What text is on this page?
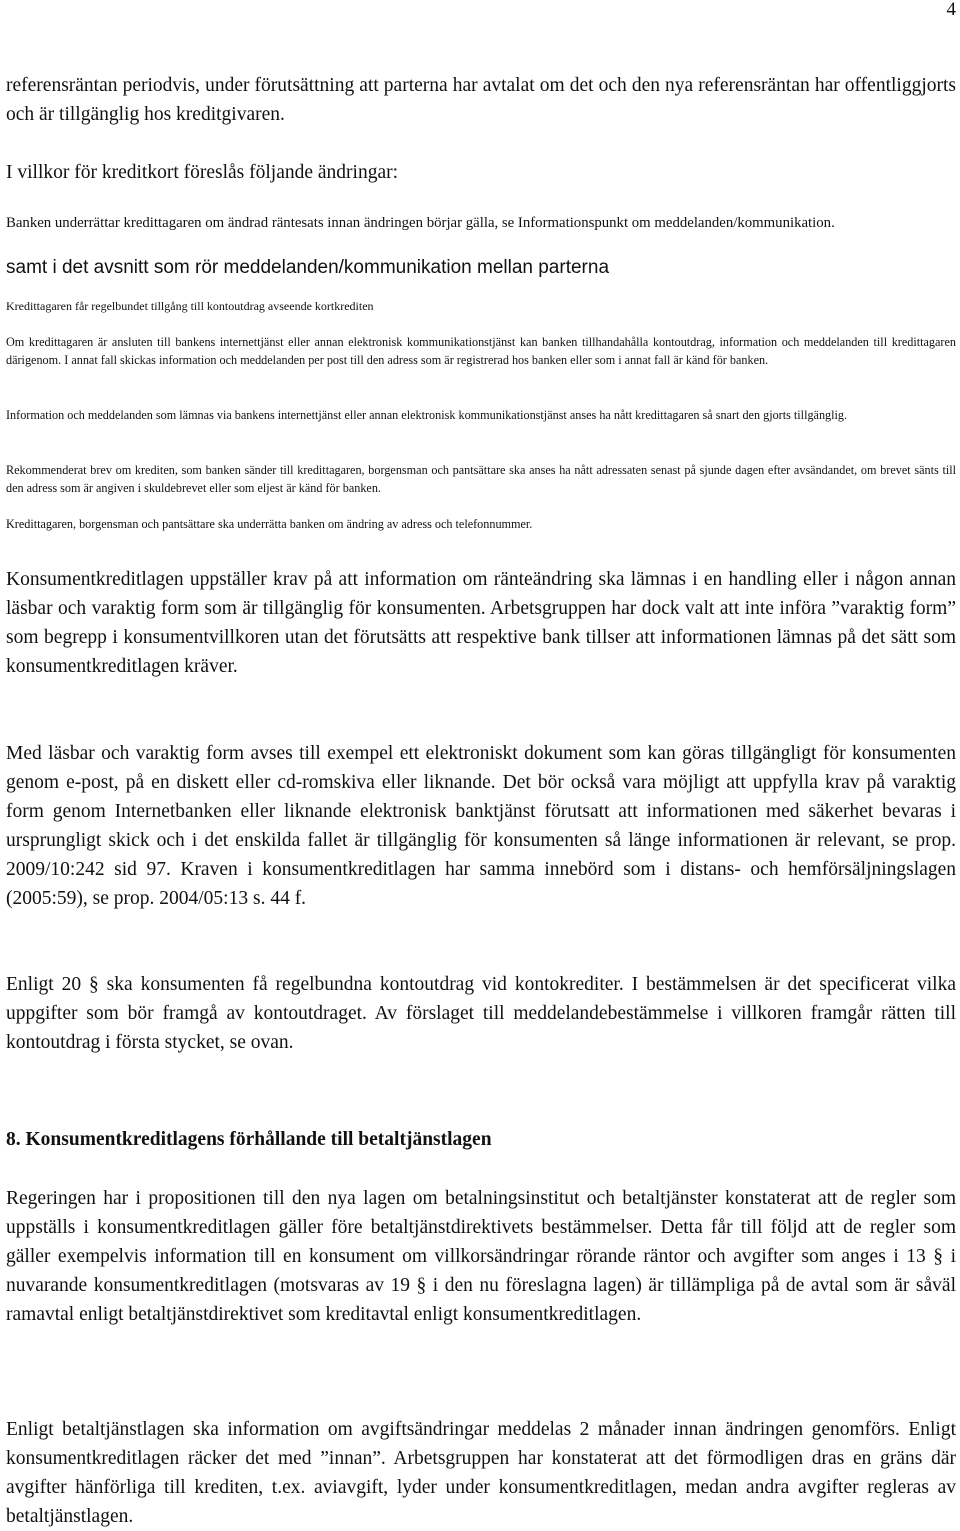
4

referensräntan periodvis, under förutsättning att parterna har avtalat om det och den nya referensräntan har offentliggjorts och är tillgänglig hos kreditgivaren.

I villkor för kreditkort föreslås följande ändringar:

Banken underrättar kredittagaren om ändrad räntesats innan ändringen börjar gälla, se Informationspunkt om meddelanden/kommunikation.

samt i det avsnitt som rör meddelanden/kommunikation mellan parterna

Kredittagaren får regelbundet tillgång till kontoutdrag avseende kortkrediten

Om kredittagaren är ansluten till bankens internettjänst eller annan elektronisk kommunikationstjänst kan banken tillhandahålla kontoutdrag, information och meddelanden till kredittagaren därigenom. I annat fall skickas information och meddelanden per post till den adress som är registrerad hos banken eller som i annat fall är känd för banken.

Information och meddelanden som lämnas via bankens internettjänst eller annan elektronisk kommunikationstjänst anses ha nått kredittagaren så snart den gjorts tillgänglig.

Rekommenderat brev om krediten, som banken sänder till kredittagaren, borgensman och pantsättare ska anses ha nått adressaten senast på sjunde dagen efter avsändandet, om brevet sänts till den adress som är angiven i skuldebrevet eller som eljest är känd för banken.

Kredittagaren, borgensman och pantsättare ska underrätta banken om ändring av adress och telefonnummer.

Konsumentkreditlagen uppställer krav på att information om ränteändring ska lämnas i en handling eller i någon annan läsbar och varaktig form som är tillgänglig för konsumenten. Arbetsgruppen har dock valt att inte införa ”varaktig form” som begrepp i konsumentvillkoren utan det förutsätts att respektive bank tillser att informationen lämnas på det sätt som konsumentkreditlagen kräver.

Med läsbar och varaktig form avses till exempel ett elektroniskt dokument som kan göras tillgängligt för konsumenten genom e-post, på en diskett eller cd-romskiva eller liknande. Det bör också vara möjligt att uppfylla krav på varaktig form genom Internetbanken eller liknande elektronisk banktjänst förutsatt att informationen med säkerhet bevaras i ursprungligt skick och i det enskilda fallet är tillgänglig för konsumenten så länge informationen är relevant, se prop. 2009/10:242 sid 97. Kraven i konsumentkreditlagen har samma innebörd som i distans- och hemförsäljningslagen (2005:59), se prop. 2004/05:13 s. 44 f.

Enligt 20 § ska konsumenten få regelbundna kontoutdrag vid kontokrediter. I bestämmelsen är det specificerat vilka uppgifter som bör framgå av kontoutdraget. Av förslaget till meddelandebestämmelse i villkoren framgår rätten till kontoutdrag i första stycket, se ovan.

8. Konsumentkreditlagens förhållande till betaltjänstlagen

Regeringen har i propositionen till den nya lagen om betalningsinstitut och betaltjänster konstaterat att de regler som uppställs i konsumentkreditlagen gäller före betaltjänstdirektivets bestämmelser. Detta får till följd att de regler som gäller exempelvis information till en konsument om villkorsändringar rörande räntor och avgifter som anges i 13 § i nuvarande konsumentkreditlagen (motsvaras av 19 § i den nu föreslagna lagen) är tillämpliga på de avtal som är såväl ramavtal enligt betaltjänstdirektivet som kreditavtal enligt konsumentkreditlagen.

Enligt betaltjänstlagen ska information om avgiftsändringar meddelas 2 månader innan ändringen genomförs. Enligt konsumentkreditlagen räcker det med ”innan”. Arbetsgruppen har konstaterat att det förmodligen dras en gräns där avgifter hänförliga till krediten, t.ex. aviavgift, lyder under konsumentkreditlagen, medan andra avgifter regleras av betaltjänstlagen.
